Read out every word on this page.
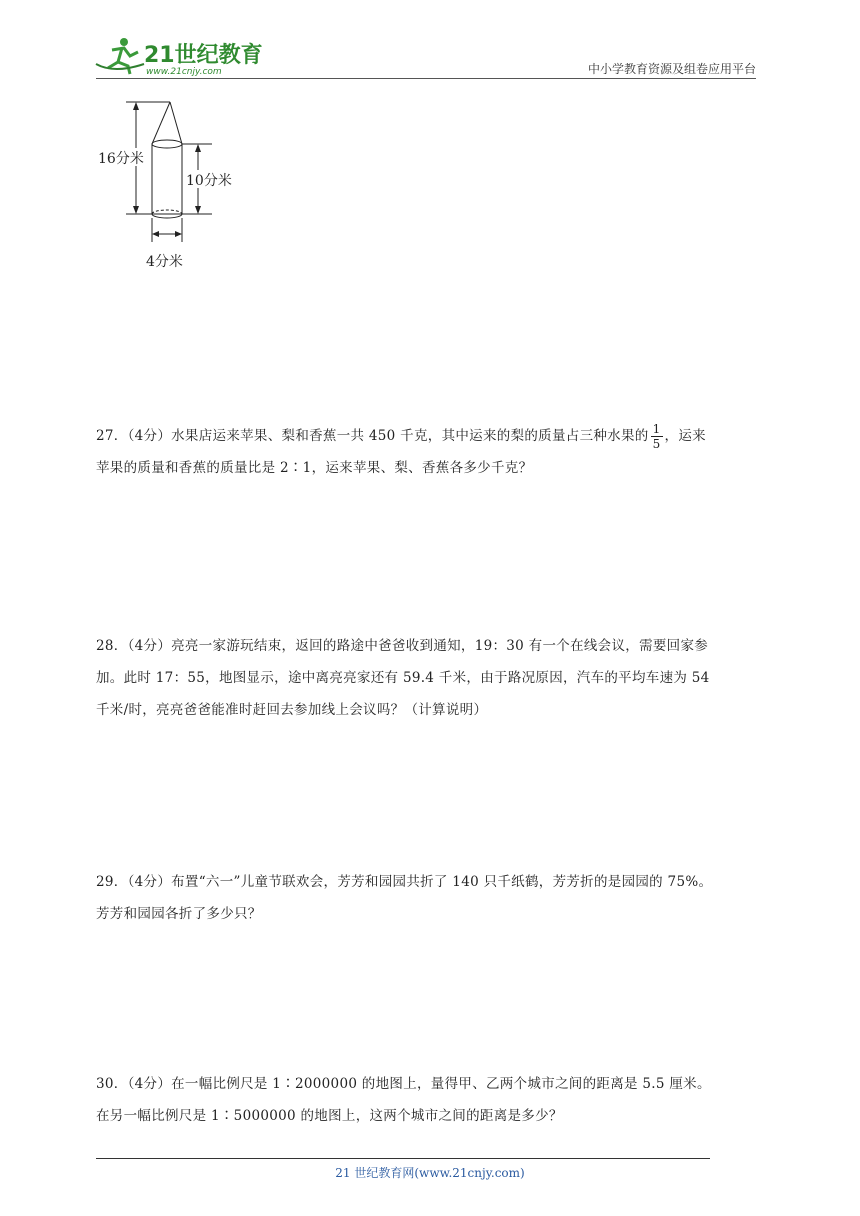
21世纪教育
www.21cnjy.com	中小学教育资源及组卷应用平台
16分米
10分米
4分米
27．（4分）水果店运来苹果、梨和香蕉一共 450 千克，其中运来的梨的质量占三种水果的 $\frac{1}{5}$ ，运来
苹果的质量和香蕉的质量比是 2∶1，运来苹果、梨、香蕉各多少千克？
28．（4分）亮亮一家游玩结束，返回的路途中爸爸收到通知，19：30 有一个在线会议，需要回家参
加。此时 17：55，地图显示，途中离亮亮家还有 59.4 千米，由于路况原因，汽车的平均车速为 54
千米/时，亮亮爸爸能准时赶回去参加线上会议吗？（计算说明）
29．（4分）布置“六一”儿童节联欢会，芳芳和园园共折了 140 只千纸鹤，芳芳折的是园园的 75%。
芳芳和园园各折了多少只？
30．（4分）在一幅比例尺是 1∶2000000 的地图上，量得甲、乙两个城市之间的距离是 5.5 厘米。
在另一幅比例尺是 1∶5000000 的地图上，这两个城市之间的距离是多少？
21 世纪教育网(www.21cnjy.com)
